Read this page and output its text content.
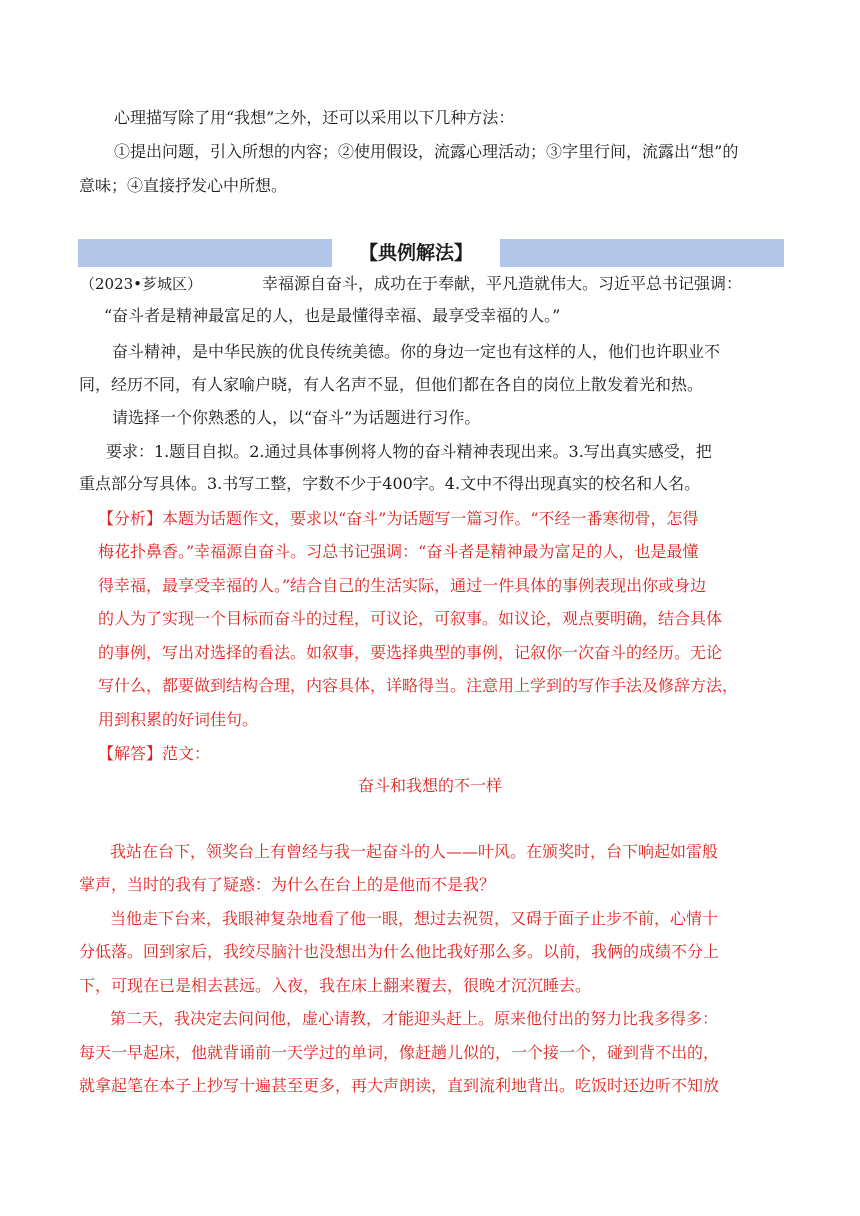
心理描写除了用“我想”之外，还可以采用以下几种方法：
①提出问题，引入所想的内容；②使用假设，流露心理活动；③字里行间，流露出“想”的
意味；④直接抒发心中所想。
【典例解法】
（2023•芗城区）	幸福源自奋斗，成功在于奉献，平凡造就伟大。习近平总书记强调：
“奋斗者是精神最富足的人，也是最懂得幸福、最享受幸福的人。”
奋斗精神，是中华民族的优良传统美德。你的身边一定也有这样的人，他们也许职业不
同，经历不同，有人家喻户晓，有人名声不显，但他们都在各自的岗位上散发着光和热。
请选择一个你熟悉的人，以“奋斗”为话题进行习作。
要求：1.题目自拟。2.通过具体事例将人物的奋斗精神表现出来。3.写出真实感受，把
重点部分写具体。3.书写工整，字数不少于400字。4.文中不得出现真实的校名和人名。
【分析】本题为话题作文，要求以“奋斗”为话题写一篇习作。“不经一番寒彻骨，怎得
梅花扑鼻香。”幸福源自奋斗。习总书记强调：“奋斗者是精神最为富足的人，也是最懂
得幸福，最享受幸福的人。”结合自己的生活实际，通过一件具体的事例表现出你或身边
的人为了实现一个目标而奋斗的过程，可议论，可叙事。如议论，观点要明确，结合具体
的事例，写出对选择的看法。如叙事，要选择典型的事例，记叙你一次奋斗的经历。无论
写什么，都要做到结构合理，内容具体，详略得当。注意用上学到的写作手法及修辞方法，
用到积累的好词佳句。
【解答】范文：
奋斗和我想的不一样
我站在台下，领奖台上有曾经与我一起奋斗的人——叶风。在颁奖时，台下响起如雷般
掌声，当时的我有了疑惑：为什么在台上的是他而不是我？
当他走下台来，我眼神复杂地看了他一眼，想过去祝贺，又碍于面子止步不前，心情十
分低落。回到家后，我绞尽脑汁也没想出为什么他比我好那么多。以前，我俩的成绩不分上
下，可现在已是相去甚远。入夜，我在床上翻来覆去，很晚才沉沉睡去。
第二天，我决定去问问他，虚心请教，才能迎头赶上。原来他付出的努力比我多得多：
每天一早起床，他就背诵前一天学过的单词，像赶趟儿似的，一个接一个，碰到背不出的，
就拿起笔在本子上抄写十遍甚至更多，再大声朗读，直到流利地背出。吃饭时还边听不知放
